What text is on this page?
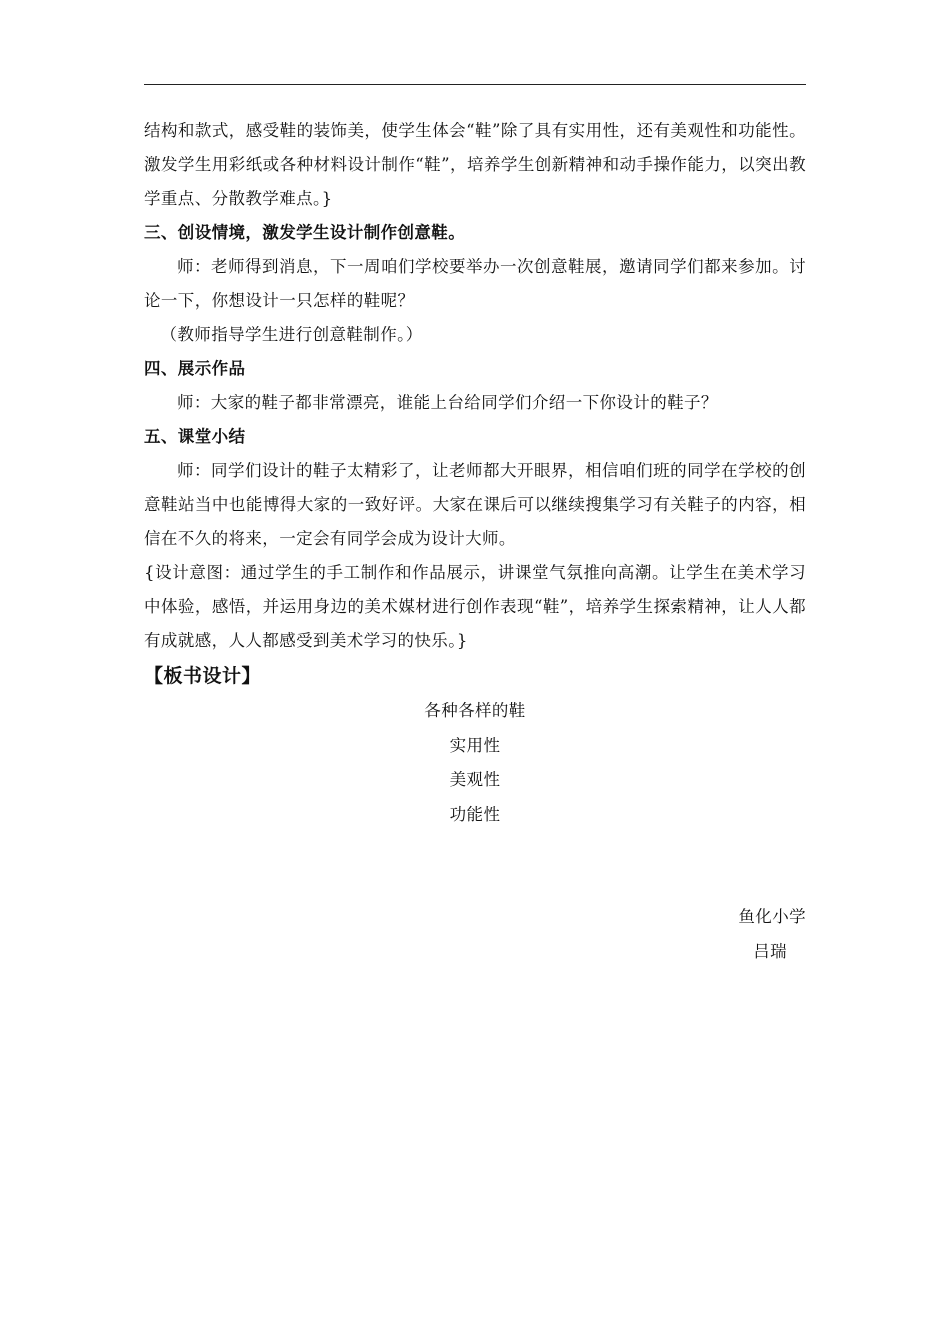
结构和款式，感受鞋的装饰美，使学生体会“鞋”除了具有实用性，还有美观性和功能性。激发学生用彩纸或各种材料设计制作“鞋”，培养学生创新精神和动手操作能力，以突出教学重点、分散教学难点。}

三、创设情境，激发学生设计制作创意鞋。

师：老师得到消息，下一周咱们学校要举办一次创意鞋展，邀请同学们都来参加。讨论一下，你想设计一只怎样的鞋呢？

（教师指导学生进行创意鞋制作。）

四、展示作品

师：大家的鞋子都非常漂亮，谁能上台给同学们介绍一下你设计的鞋子？

五、课堂小结

师：同学们设计的鞋子太精彩了，让老师都大开眼界，相信咱们班的同学在学校的创意鞋站当中也能博得大家的一致好评。大家在课后可以继续搜集学习有关鞋子的内容，相信在不久的将来，一定会有同学会成为设计大师。

{设计意图：通过学生的手工制作和作品展示，讲课堂气氛推向高潮。让学生在美术学习中体验，感悟，并运用身边的美术媒材进行创作表现“鞋”，培养学生探索精神，让人人都有成就感，人人都感受到美术学习的快乐。}

【板书设计】

各种各样的鞋
实用性
美观性
功能性
鱼化小学
吕瑞
